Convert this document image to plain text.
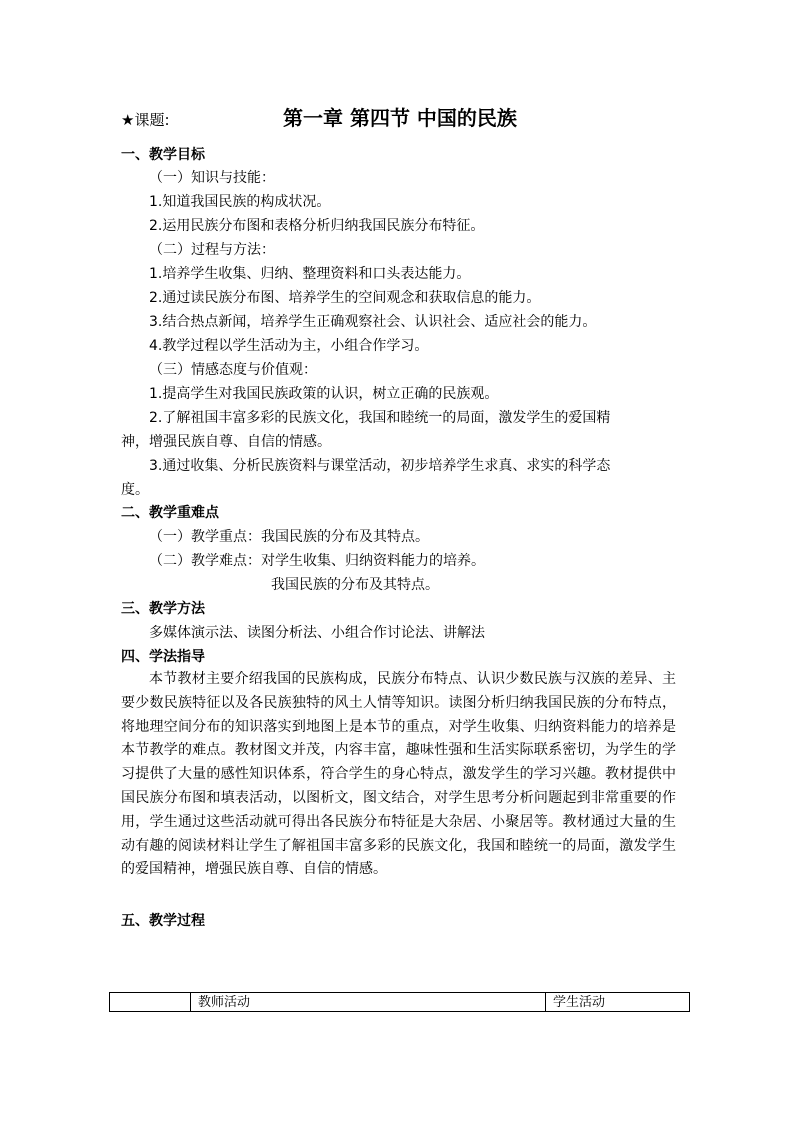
★课题:	第一章 第四节 中国的民族
一、教学目标
（一）知识与技能：
1.知道我国民族的构成状况。
2.运用民族分布图和表格分析归纳我国民族分布特征。
（二）过程与方法：
1.培养学生收集、归纳、整理资料和口头表达能力。
2.通过读民族分布图、培养学生的空间观念和获取信息的能力。
3.结合热点新闻，培养学生正确观察社会、认识社会、适应社会的能力。
4.教学过程以学生活动为主，小组合作学习。
（三）情感态度与价值观：
1.提高学生对我国民族政策的认识，树立正确的民族观。
2.了解祖国丰富多彩的民族文化，我国和睦统一的局面，激发学生的爱国精
神，增强民族自尊、自信的情感。
3.通过收集、分析民族资料与课堂活动，初步培养学生求真、求实的科学态
度。
二、教学重难点
（一）教学重点：我国民族的分布及其特点。
（二）教学难点：对学生收集、归纳资料能力的培养。
我国民族的分布及其特点。
三、教学方法
多媒体演示法、读图分析法、小组合作讨论法、讲解法
四、学法指导
本节教材主要介绍我国的民族构成，民族分布特点、认识少数民族与汉族的差异、主要少数民族特征以及各民族独特的风土人情等知识。读图分析归纳我国民族的分布特点，将地理空间分布的知识落实到地图上是本节的重点，对学生收集、归纳资料能力的培养是本节教学的难点。教材图文并茂，内容丰富，趣味性强和生活实际联系密切，为学生的学习提供了大量的感性知识体系，符合学生的身心特点，激发学生的学习兴趣。教材提供中国民族分布图和填表活动，以图析文，图文结合，对学生思考分析问题起到非常重要的作用，学生通过这些活动就可得出各民族分布特征是大杂居、小聚居等。教材通过大量的生动有趣的阅读材料让学生了解祖国丰富多彩的民族文化，我国和睦统一的局面，激发学生的爱国精神，增强民族自尊、自信的情感。
五、教学过程
教师活动	学生活动
